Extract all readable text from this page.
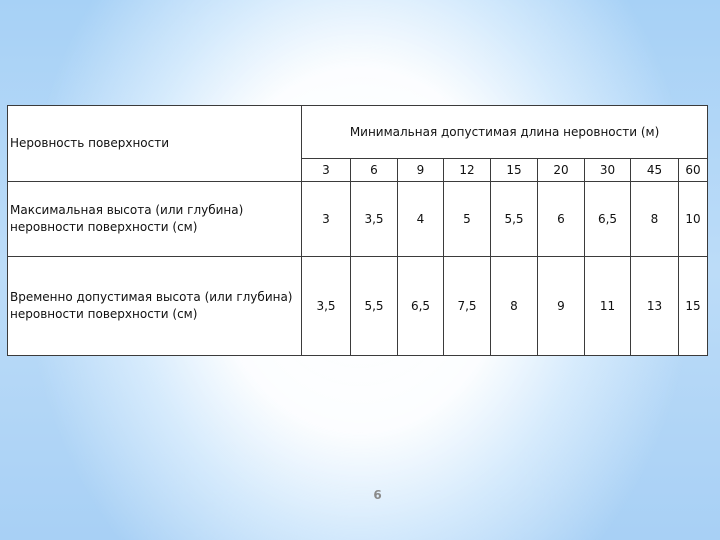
Неровность поверхности	Минимальная допустимая длина неровности (м)								
	3	6	9	12	15	20	30	45	60
Максимальная высота (или глубина) неровности поверхности (см)	3	3,5	4	5	5,5	6	6,5	8	10
Временно допустимая высота (или глубина) неровности поверхности (см)	3,5	5,5	6,5	7,5	8	9	11	13	15
6
